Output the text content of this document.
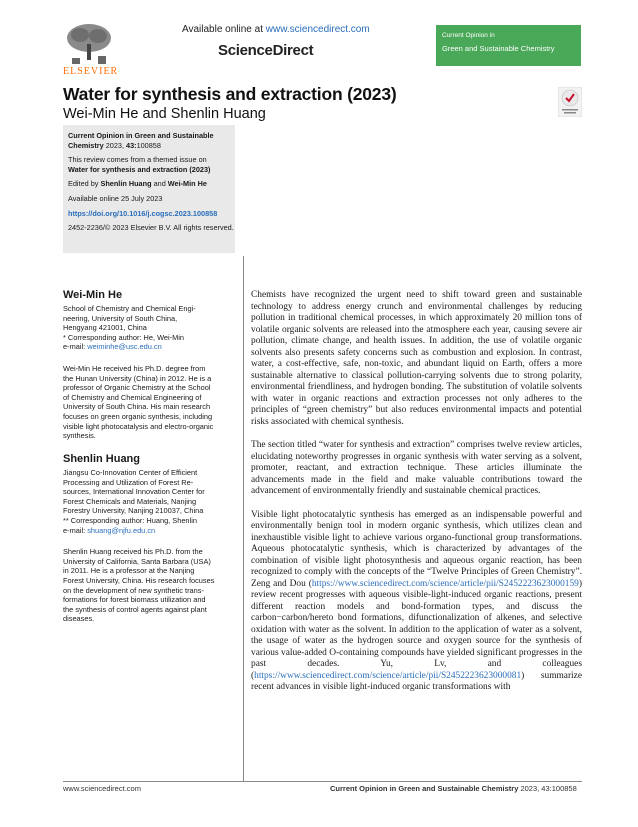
ELSEVIER
Available online at www.sciencedirect.com
ScienceDirect
Current Opinion in
Green and Sustainable Chemistry
Water for synthesis and extraction (2023)
Wei-Min He and Shenlin Huang

Current Opinion in Green and Sustainable Chemistry 2023, 43:100858

This review comes from a themed issue on
Water for synthesis and extraction (2023)

Edited by Shenlin Huang and Wei-Min He

Available online 25 July 2023

https://doi.org/10.1016/j.cogsc.2023.100858

2452-2236/© 2023 Elsevier B.V. All rights reserved.

Wei-Min He

School of Chemistry and Chemical Engi-

neering, University of South China,

Hengyang 421001, China

* Corresponding author: He, Wei-Min

e-mail: weiminhe@usc.edu.cn

Wei-Min He received his Ph.D. degree from

the Hunan University (China) in 2012. He is a

professor of Organic Chemistry at the School

of Chemistry and Chemical Engineering of

University of South China. His main research

focuses on green organic synthesis, including

visible light photocatalysis and electro-organic

synthesis.

Shenlin Huang

Jiangsu Co-Innovation Center of Efficient

Processing and Utilization of Forest Re-

sources, International Innovation Center for

Forest Chemicals and Materials, Nanjing

Forestry University, Nanjing 210037, China

** Corresponding author: Huang, Shenlin

e-mail: shuang@njfu.edu.cn

Shenlin Huang received his Ph.D. from the

University of California, Santa Barbara (USA)

in 2011. He is a professor at the Nanjing

Forest University, China. His research focuses

on the development of new synthetic trans-

formations for forest biomass utilization and

the synthesis of control agents against plant

diseases.

Chemists have recognized the urgent need to shift toward green and sustainable technology to address energy crunch and environmental challenges by reducing pollution in traditional chemical processes, in which approximately 20 million tons of volatile organic solvents are released into the atmosphere each year, causing severe air pollution, climate change, and health issues. In addition, the use of volatile organic solvents also presents safety concerns such as combustion and explosion. In contrast, water, a cost-effective, safe, non-toxic, and abundant liquid on Earth, offers a more sustainable alternative to classical pollution-carrying solvents due to strong polarity, environmental friendliness, and hydrogen bonding. The substitution of volatile solvents with water in organic reactions and extraction processes not only adheres to the principles of “green chemistry” but also reduces environmental impacts and potential risks associated with chemical synthesis.

The section titled “water for synthesis and extraction” comprises twelve review articles, elucidating noteworthy progresses in organic synthesis with water serving as a solvent, promoter, reactant, and extraction technique. These articles illuminate the advancements made in the field and make valuable contributions toward the advancement of environmentally friendly and sustainable chemical practices.

Visible light photocatalytic synthesis has emerged as an indispensable powerful and environmentally benign tool in modern organic synthesis, which utilizes clean and inexhaustible visible light to achieve various organo-functional group transformations. Aqueous photocatalytic synthesis, which is characterized by advantages of the combination of visible light photosynthesis and aqueous organic reaction, has been recognized to comply with the concepts of the “Twelve Principles of Green Chemistry”. Zeng and Dou (https://www.sciencedirect.com/science/article/pii/S2452223623000159) review recent progresses with aqueous visible-light-induced organic reactions, present different reaction models and bond-formation types, and discuss the carbon−carbon/hereto bond formations, difunctionalization of alkenes, and selective oxidation with water as the solvent. In addition to the application of water as a solvent, the usage of water as the hydrogen source and oxygen source for the synthesis of various value-added O-containing compounds have yielded significant progresses in the past decades. Yu, Lv, and colleagues (https://www.sciencedirect.com/science/article/pii/S2452223623000081) summarize recent advances in visible light-induced organic transformations with

www.sciencedirect.com	Current Opinion in Green and Sustainable Chemistry 2023, 43:100858
